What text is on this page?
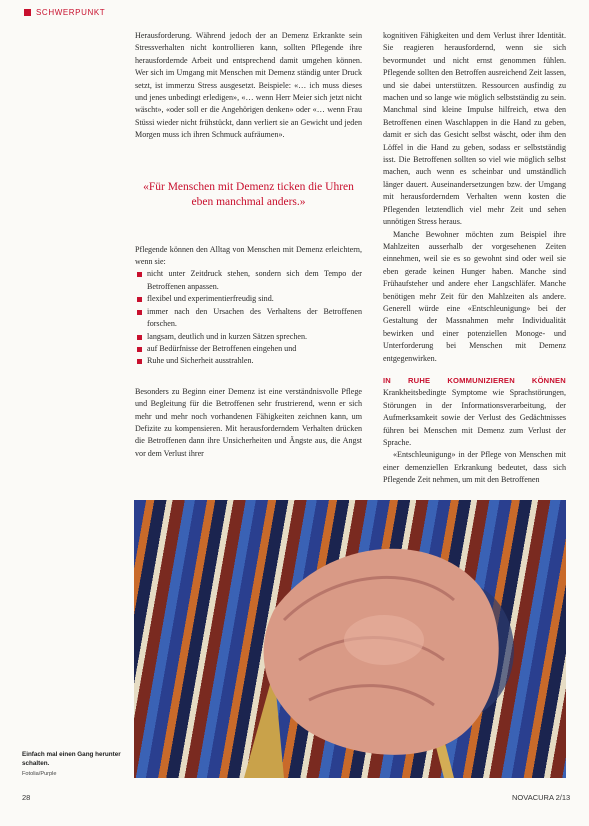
SCHWERPUNKT

Herausforderung. Während jedoch der an Demenz Erkrankte sein Stressverhalten nicht kontrollieren kann, sollten Pflegende ihre herausfordernde Arbeit und entsprechend damit umgehen können. Wer sich im Umgang mit Menschen mit Demenz ständig unter Druck setzt, ist immerzu Stress ausgesetzt. Beispiele: «… ich muss dieses und jenes unbedingt erledigen», «… wenn Herr Meier sich jetzt nicht wäscht», «oder soll er die Angehörigen denken» oder «… wenn Frau Stüssi wieder nicht frühstückt, dann verliert sie an Gewicht und jeden Morgen muss ich ihren Schmuck aufräumen».

«Für Menschen mit Demenz ticken die Uhren eben manchmal anders.»

Pflegende können den Alltag von Menschen mit Demenz erleichtern, wenn sie:

nicht unter Zeitdruck stehen, sondern sich dem Tempo der Betroffenen anpassen.
flexibel und experimentierfreudig sind.
immer nach den Ursachen des Verhaltens der Betroffenen forschen.
langsam, deutlich und in kurzen Sätzen sprechen.
auf Bedürfnisse der Betroffenen eingehen und
Ruhe und Sicherheit ausstrahlen.

Besonders zu Beginn einer Demenz ist eine verständnisvolle Pflege und Begleitung für die Betroffenen sehr frustrierend, wenn er sich mehr und mehr noch vorhandenen Fähigkeiten zeichnen kann, um Defizite zu kompensieren. Mit herausforderndem Verhalten drücken die Betroffenen dann ihre Unsicherheiten und Ängste aus, die Angst vor dem Verlust ihrer

kognitiven Fähigkeiten und dem Verlust ihrer Identität. Sie reagieren herausfordernd, wenn sie sich bevormundet und nicht ernst genommen fühlen. Pflegende sollten den Betroffen ausreichend Zeit lassen, und sie dabei unterstützen. Ressourcen ausfindig zu machen und so lange wie möglich selbstständig zu sein. Manchmal sind kleine Impulse hilfreich, etwa den Betroffenen einen Waschlappen in die Hand zu geben, damit er sich das Gesicht selbst wäscht, oder ihm den Löffel in die Hand zu geben, sodass er selbstständig isst. Die Betroffenen sollten so viel wie möglich selbst machen, auch wenn es scheinbar und umständlich länger dauert. Auseinandersetzungen bzw. der Umgang mit herausforderndem Verhalten wenn kosten die Pflegenden letztendlich viel mehr Zeit und sehen unnötigen Stress heraus.

Manche Bewohner möchten zum Beispiel ihre Mahlzeiten ausserhalb der vorgesehenen Zeiten einnehmen, weil sie es so gewohnt sind oder weil sie eben gerade keinen Hunger haben. Manche sind Frühaufsteher und andere eher Langschläfer. Manche benötigen mehr Zeit für den Mahlzeiten als andere. Generell würde eine «Entschleunigung» bei der Gestaltung der Massnahmen mehr Individualität bewirken und einer potenziellen Monoge- und Unterforderung bei Menschen mit Demenz entgegenwirken.

IN RUHE KOMMUNIZIEREN KÖNNEN Krankheitsbedingte Symptome wie Sprachstörungen, Störungen in der Informationsverarbeitung, der Aufmerksamkeit sowie der Verlust des Gedächtnisses führen bei Menschen mit Demenz zum Verlust der Sprache.

«Entschleunigung» in der Pflege von Menschen mit einer demenziellen Erkrankung bedeutet, dass sich Pflegende Zeit nehmen, um mit den Betroffenen

Einfach mal einen Gang herunter schalten.
Fotolia/Purple
28	NOVACURA 2/13
